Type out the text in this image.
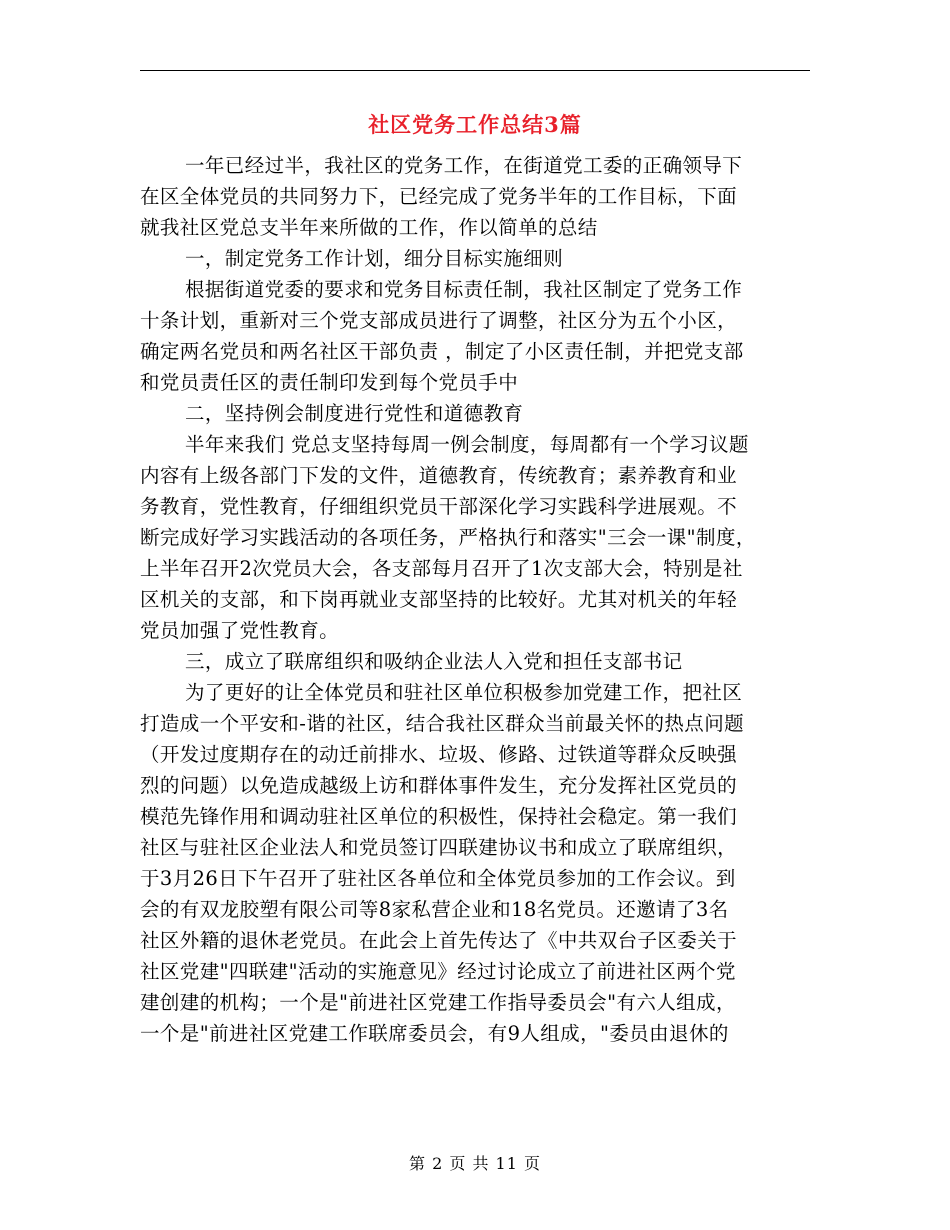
社区党务工作总结3篇
一年已经过半，我社区的党务工作，在街道党工委的正确领导下
在区全体党员的共同努力下，已经完成了党务半年的工作目标，下面
就我社区党总支半年来所做的工作，作以简单的总结
一，制定党务工作计划，细分目标实施细则
根据街道党委的要求和党务目标责任制，我社区制定了党务工作
十条计划，重新对三个党支部成员进行了调整，社区分为五个小区，
确定两名党员和两名社区干部负责 ，制定了小区责任制，并把党支部
和党员责任区的责任制印发到每个党员手中
二，坚持例会制度进行党性和道德教育
半年来我们 党总支坚持每周一例会制度，每周都有一个学习议题
内容有上级各部门下发的文件，道德教育，传统教育；素养教育和业
务教育，党性教育，仔细组织党员干部深化学习实践科学进展观。不
断完成好学习实践活动的各项任务，严格执行和落实"三会一课"制度，
上半年召开2次党员大会，各支部每月召开了1次支部大会，特别是社
区机关的支部，和下岗再就业支部坚持的比较好。尤其对机关的年轻
党员加强了党性教育。
三，成立了联席组织和吸纳企业法人入党和担任支部书记
为了更好的让全体党员和驻社区单位积极参加党建工作，把社区
打造成一个平安和-谐的社区，结合我社区群众当前最关怀的热点问题
（开发过度期存在的动迁前排水、垃圾、修路、过铁道等群众反映强
烈的问题）以免造成越级上访和群体事件发生，充分发挥社区党员的
模范先锋作用和调动驻社区单位的积极性，保持社会稳定。第一我们
社区与驻社区企业法人和党员签订四联建协议书和成立了联席组织，
于3月26日下午召开了驻社区各单位和全体党员参加的工作会议。到
会的有双龙胶塑有限公司等8家私营企业和18名党员。还邀请了3名
社区外籍的退休老党员。在此会上首先传达了《中共双台子区委关于
社区党建"四联建"活动的实施意见》经过讨论成立了前进社区两个党
建创建的机构；一个是"前进社区党建工作指导委员会"有六人组成，
一个是"前进社区党建工作联席委员会，有9人组成，"委员由退休的
第 2 页 共 11 页
